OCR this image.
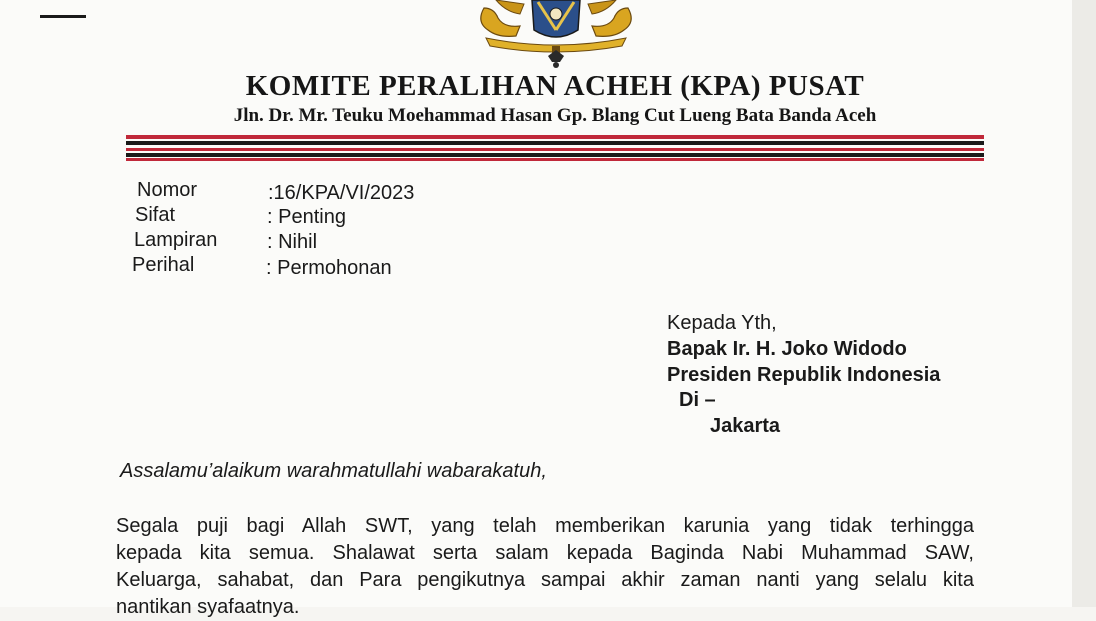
KOMITE PERALIHAN ACHEH (KPA) PUSAT
Jln. Dr. Mr. Teuku Moehammad Hasan Gp. Blang Cut Lueng Bata Banda Aceh
Nomor	:16/KPA/VI/2023
Sifat	: Penting
Lampiran : Nihil
Perihal	: Permohonan
Kepada Yth,
Bapak Ir. H. Joko Widodo
Presiden Republik Indonesia
Di –
Jakarta
Assalamu’alaikum warahmatullahi wabarakatuh,
Segala puji bagi Allah SWT, yang telah memberikan karunia yang tidak terhingga
kepada kita semua. Shalawat serta salam kepada Baginda Nabi Muhammad SAW,
Keluarga, sahabat, dan Para pengikutnya sampai akhir zaman nanti yang selalu kita
nantikan syafaatnya.
